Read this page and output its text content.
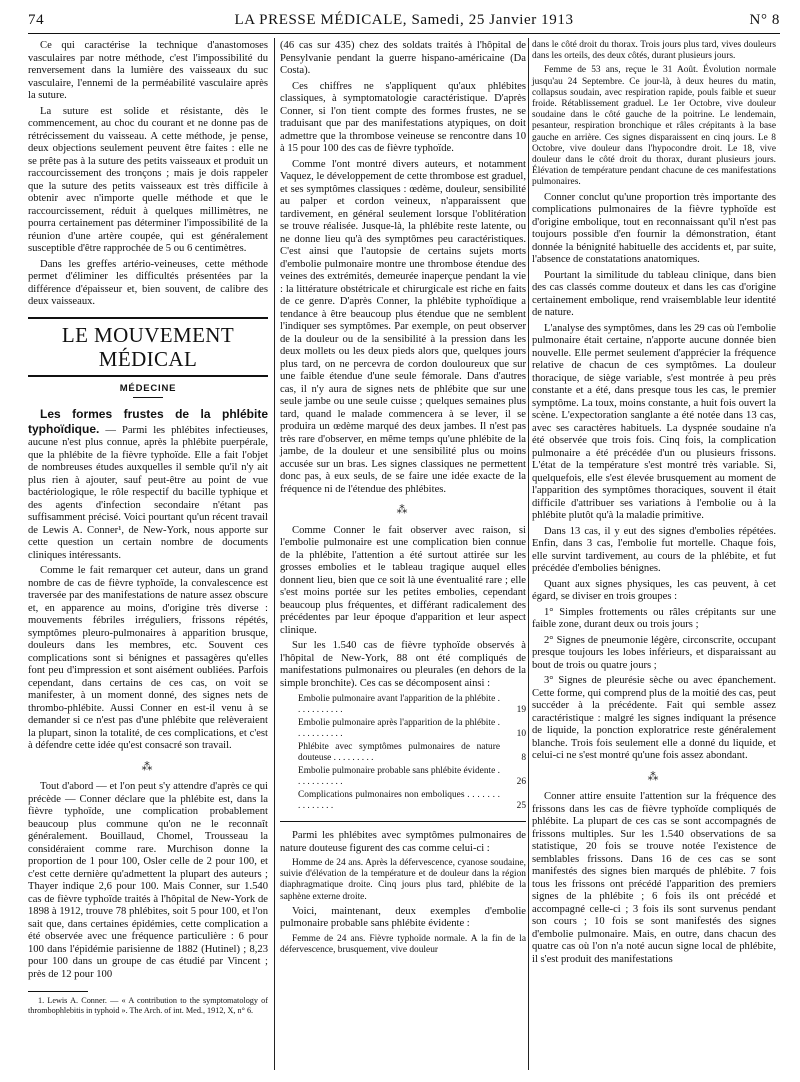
74	LA PRESSE MÉDICALE, Samedi, 25 Janvier 1913	N° 8

Ce qui caractérise la technique d'anastomoses vasculaires par notre méthode, c'est l'impossibilité du renversement dans la lumière des vaisseaux du suc vasculaire, l'ennemi de la perméabilité vasculaire après la suture.

La suture est solide et résistante, dès le commencement, au choc du courant et ne donne pas de rétrécissement du vaisseau. A cette méthode, je pense, deux objections seulement peuvent être faites : elle ne se prête pas à la suture des petits vaisseaux et produit un raccourcissement des tronçons ; mais je dois rappeler que la suture des petits vaisseaux est très difficile à obtenir avec n'importe quelle méthode et que le raccourcissement, réduit à quelques millimètres, ne pourra certainement pas déterminer l'impossibilité de la réunion d'une artère coupée, qui est généralement susceptible d'être rapprochée de 5 ou 6 centimètres.

Dans les greffes artério-veineuses, cette méthode permet d'éliminer les difficultés présentées par la différence d'épaisseur et, bien souvent, de calibre des deux vaisseaux.

LE MOUVEMENT MÉDICAL
MÉDECINE

Les formes frustes de la phlébite typhoïdique. — Parmi les phlébites infectieuses, aucune n'est plus connue, après la phlébite puerpérale, que la phlébite de la fièvre typhoïde. Elle a fait l'objet de nombreuses études auxquelles il semble qu'il n'y ait plus rien à ajouter, sauf peut-être au point de vue bactériologique, le rôle respectif du bacille typhique et des agents d'infection secondaire n'étant pas suffisamment précisé. Voici pourtant qu'un récent travail de Lewis A. Conner¹, de New-York, nous apporte sur cette question un certain nombre de documents cliniques intéressants.

Comme le fait remarquer cet auteur, dans un grand nombre de cas de fièvre typhoïde, la convalescence est traversée par des manifestations de nature assez obscure et, en apparence au moins, d'origine très diverse : mouvements fébriles irréguliers, frissons répétés, symptômes pleuro-pulmonaires à apparition brusque, douleurs dans les membres, etc. Souvent ces complications sont si bénignes et passagères qu'elles font peu d'impression et sont aisément oubliées. Parfois cependant, dans certains de ces cas, on voit se manifester, à un moment donné, des signes nets de thrombo-phlébite. Aussi Conner en est-il venu à se demander si ce n'est pas d'une phlébite que relèveraient la plupart, sinon la totalité, de ces complications, et c'est à défendre cette idée qu'est consacré son travail.

⁂

Tout d'abord — et l'on peut s'y attendre d'après ce qui précède — Conner déclare que la phlébite est, dans la fièvre typhoïde, une complication probablement beaucoup plus commune qu'on ne le reconnaît généralement. Bouillaud, Chomel, Trousseau la considéraient comme rare. Murchison donne la proportion de 1 pour 100, Osler celle de 2 pour 100, et c'est cette dernière qu'admettent la plupart des auteurs ; Thayer indique 2,6 pour 100. Mais Conner, sur 1.540 cas de fièvre typhoïde traités à l'hôpital de New-York de 1898 à 1912, trouve 78 phlébites, soit 5 pour 100, et l'on sait que, dans certaines épidémies, cette complication a été observée avec une fréquence particulière : 6 pour 100 dans l'épidémie parisienne de 1882 (Hutinel) ; 8,23 pour 100 dans un groupe de cas étudié par Vincent ; près de 12 pour 100

1. Lewis A. Conner. — « A contribution to the symptomatology of thrombophlebitis in typhoid ». The Arch. of int. Med., 1912, X, n° 6.

(46 cas sur 435) chez des soldats traités à l'hôpital de Pensylvanie pendant la guerre hispano-américaine (Da Costa).

Ces chiffres ne s'appliquent qu'aux phlébites classiques, à symptomatologie caractéristique. D'après Conner, si l'on tient compte des formes frustes, ne se traduisant que par des manifestations atypiques, on doit admettre que la thrombose veineuse se rencontre dans 10 à 15 pour 100 des cas de fièvre typhoïde.

Comme l'ont montré divers auteurs, et notamment Vaquez, le développement de cette thrombose est graduel, et ses symptômes classiques : œdème, douleur, sensibilité au palper et cordon veineux, n'apparaissent que tardivement, en général seulement lorsque l'oblitération se trouve réalisée. Jusque-là, la phlébite reste latente, ou ne donne lieu qu'à des symptômes peu caractéristiques. C'est ainsi que l'autopsie de certains sujets morts d'embolie pulmonaire montre une thrombose étendue des veines des extrémités, demeurée inaperçue pendant la vie : la littérature obstétricale et chirurgicale est riche en faits de ce genre. D'après Conner, la phlébite typhoïdique a tendance à être beaucoup plus étendue que ne semblent l'indiquer ses symptômes. Par exemple, on peut observer de la douleur ou de la sensibilité à la pression dans les deux mollets ou les deux pieds alors que, quelques jours plus tard, on ne percevra de cordon douloureux que sur une faible étendue d'une seule fémorale. Dans d'autres cas, il n'y aura de signes nets de phlébite que sur une seule jambe ou une seule cuisse ; quelques semaines plus tard, quand le malade commencera à se lever, il se produira un œdème marqué des deux jambes. Il n'est pas très rare d'observer, en même temps qu'une phlébite de la jambe, de la douleur et une sensibilité plus ou moins accusée sur un bras. Les signes classiques ne permettent donc pas, à eux seuls, de se faire une idée exacte de la fréquence ni de l'étendue des phlébites.

⁂

Comme Conner le fait observer avec raison, si l'embolie pulmonaire est une complication bien connue de la phlébite, l'attention a été surtout attirée sur les grosses embolies et le tableau tragique auquel elles donnent lieu, bien que ce soit là une éventualité rare ; elle s'est moins portée sur les petites embolies, cependant beaucoup plus fréquentes, et différant radicalement des précédentes par leur époque d'apparition et leur aspect clinique.

Sur les 1.540 cas de fièvre typhoïde observés à l'hôpital de New-York, 88 ont été compliqués de manifestations pulmonaires ou pleurales (en dehors de la simple bronchite). Ces cas se décomposent ainsi :

Embolie pulmonaire avant l'apparition de la phlébite . . . . . . . . . . .	19
Embolie pulmonaire après l'apparition de la phlébite . . . . . . . . . . .	10
Phlébite avec symptômes pulmonaires de nature douteuse . . . . . . . . .	8
Embolie pulmonaire probable sans phlébite évidente . . . . . . . . . . .	26
Complications pulmonaires non emboliques . . . . . . . . . . . . . . .	25

Parmi les phlébites avec symptômes pulmonaires de nature douteuse figurent des cas comme celui-ci :

Homme de 24 ans. Après la défervescence, cyanose soudaine, suivie d'élévation de la température et de douleur dans la région diaphragmatique droite. Cinq jours plus tard, phlébite de la saphène externe droite.

Voici, maintenant, deux exemples d'embolie pulmonaire probable sans phlébite évidente :

Femme de 24 ans. Fièvre typhoïde normale. A la fin de la défervescence, brusquement, vive douleur

dans le côté droit du thorax. Trois jours plus tard, vives douleurs dans les orteils, des deux côtés, durant plusieurs jours.

Femme de 53 ans, reçue le 31 Août. Évolution normale jusqu'au 24 Septembre. Ce jour-là, à deux heures du matin, collapsus soudain, avec respiration rapide, pouls faible et sueur froide. Rétablissement graduel. Le 1er Octobre, vive douleur soudaine dans le côté gauche de la poitrine. Le lendemain, pesanteur, respiration bronchique et râles crépitants à la base gauche en arrière. Ces signes disparaissent en cinq jours. Le 8 Octobre, vive douleur dans l'hypocondre droit. Le 18, vive douleur dans le côté droit du thorax, durant plusieurs jours. Élévation de température pendant chacune de ces manifestations pulmonaires.

Conner conclut qu'une proportion très importante des complications pulmonaires de la fièvre typhoïde est d'origine embolique, tout en reconnaissant qu'il n'est pas toujours possible d'en fournir la démonstration, étant donnée la bénignité habituelle des accidents et, par suite, l'absence de constatations anatomiques.

Pourtant la similitude du tableau clinique, dans bien des cas classés comme douteux et dans les cas d'origine certainement embolique, rend vraisemblable leur identité de nature.

L'analyse des symptômes, dans les 29 cas où l'embolie pulmonaire était certaine, n'apporte aucune donnée bien nouvelle. Elle permet seulement d'apprécier la fréquence relative de chacun de ces symptômes. La douleur thoracique, de siège variable, s'est montrée à peu près constante et a été, dans presque tous les cas, le premier symptôme. La toux, moins constante, a huit fois ouvert la scène. L'expectoration sanglante a été notée dans 13 cas, avec ses caractères habituels. La dyspnée soudaine n'a été observée que trois fois. Cinq fois, la complication pulmonaire a été précédée d'un ou plusieurs frissons. L'état de la température s'est montré très variable. Si, quelquefois, elle s'est élevée brusquement au moment de l'apparition des symptômes thoraciques, souvent il était difficile d'attribuer ses variations à l'embolie ou à la phlébite plutôt qu'à la maladie primitive.

Dans 13 cas, il y eut des signes d'embolies répétées. Enfin, dans 3 cas, l'embolie fut mortelle. Chaque fois, elle survint tardivement, au cours de la phlébite, et fut précédée d'embolies bénignes.

Quant aux signes physiques, les cas peuvent, à cet égard, se diviser en trois groupes :

1° Simples frottements ou râles crépitants sur une faible zone, durant deux ou trois jours ;

2° Signes de pneumonie légère, circonscrite, occupant presque toujours les lobes inférieurs, et disparaissant au bout de trois ou quatre jours ;

3° Signes de pleurésie sèche ou avec épanchement. Cette forme, qui comprend plus de la moitié des cas, peut succéder à la précédente. Fait qui semble assez caractéristique : malgré les signes indiquant la présence de liquide, la ponction exploratrice reste généralement blanche. Trois fois seulement elle a donné du liquide, et celui-ci ne s'est montré qu'une fois assez abondant.

⁂

Conner attire ensuite l'attention sur la fréquence des frissons dans les cas de fièvre typhoïde compliqués de phlébite. La plupart de ces cas se sont accompagnés de frissons multiples. Sur les 1.540 observations de sa statistique, 20 fois se trouve notée l'existence de semblables frissons. Dans 16 de ces cas se sont manifestés des signes bien marqués de phlébite. 7 fois tous les frissons ont précédé l'apparition des premiers signes de la phlébite ; 6 fois ils ont précédé et accompagné celle-ci ; 3 fois ils sont survenus pendant son cours ; 10 fois se sont manifestés des signes d'embolie pulmonaire. Mais, en outre, dans chacun des quatre cas où l'on n'a noté aucun signe local de phlébite, il s'est produit des manifestations
